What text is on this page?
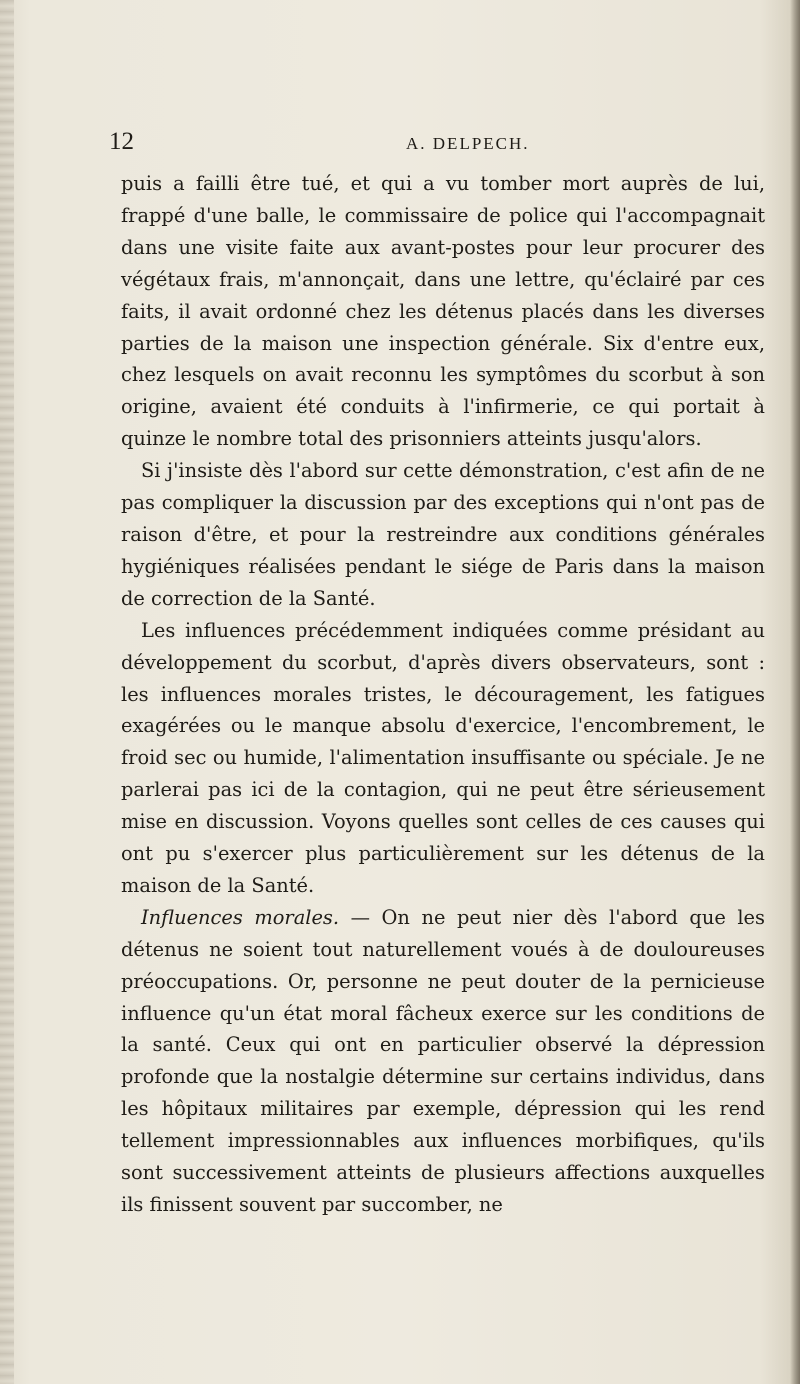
12	A. DELPECH.

puis a failli être tué, et qui a vu tomber mort auprès de lui, frappé d'une balle, le commissaire de police qui l'accompagnait dans une visite faite aux avant-postes pour leur procurer des végétaux frais, m'annonçait, dans une lettre, qu'éclairé par ces faits, il avait ordonné chez les détenus placés dans les diverses parties de la maison une inspection générale. Six d'entre eux, chez lesquels on avait reconnu les symptômes du scorbut à son origine, avaient été conduits à l'infirmerie, ce qui portait à quinze le nombre total des prisonniers atteints jusqu'alors.

Si j'insiste dès l'abord sur cette démonstration, c'est afin de ne pas compliquer la discussion par des exceptions qui n'ont pas de raison d'être, et pour la restreindre aux conditions générales hygiéniques réalisées pendant le siége de Paris dans la maison de correction de la Santé.

Les influences précédemment indiquées comme présidant au développement du scorbut, d'après divers observateurs, sont : les influences morales tristes, le découragement, les fatigues exagérées ou le manque absolu d'exercice, l'encombrement, le froid sec ou humide, l'alimentation insuffisante ou spéciale. Je ne parlerai pas ici de la contagion, qui ne peut être sérieusement mise en discussion. Voyons quelles sont celles de ces causes qui ont pu s'exercer plus particulièrement sur les détenus de la maison de la Santé.

Influences morales. — On ne peut nier dès l'abord que les détenus ne soient tout naturellement voués à de douloureuses préoccupations. Or, personne ne peut douter de la pernicieuse influence qu'un état moral fâcheux exerce sur les conditions de la santé. Ceux qui ont en particulier observé la dépression profonde que la nostalgie détermine sur certains individus, dans les hôpitaux militaires par exemple, dépression qui les rend tellement impressionnables aux influences morbifiques, qu'ils sont successivement atteints de plusieurs affections auxquelles ils finissent souvent par succomber, ne
